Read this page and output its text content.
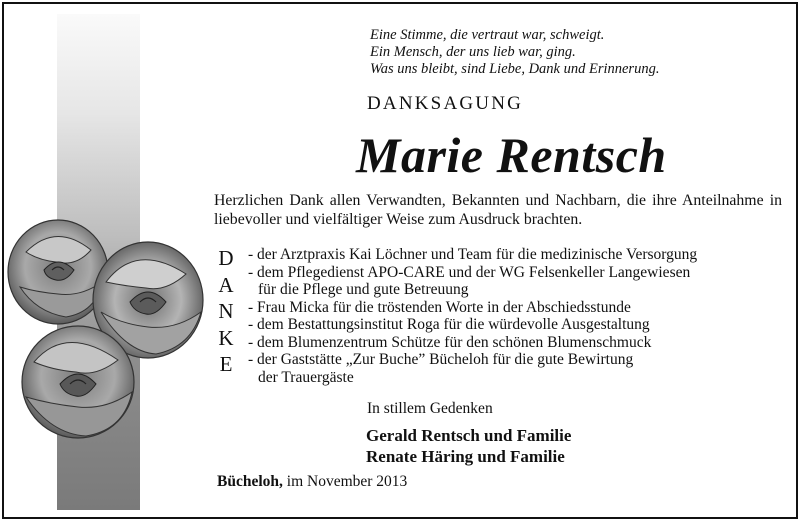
Eine Stimme, die vertraut war, schweigt.
Ein Mensch, der uns lieb war, ging.
Was uns bleibt, sind Liebe, Dank und Erinnerung.
DANKSAGUNG
Marie Rentsch
Herzlichen Dank allen Verwandten, Bekannten und Nachbarn, die ihre Anteilnahme in liebevoller und vielfältiger Weise zum Ausdruck brachten.
D
A
N
K
E
- der Arztpraxis Kai Löchner und Team für die medizinische Versorgung
- dem Pflegedienst APO-CARE und der WG Felsenkeller Langewiesen
für die Pflege und gute Betreuung
- Frau Micka für die tröstenden Worte in der Abschiedsstunde
- dem Bestattungsinstitut Roga für die würdevolle Ausgestaltung
- dem Blumenzentrum Schütze für den schönen Blumenschmuck
- der Gaststätte „Zur Buche” Bücheloh für die gute Bewirtung
der Trauergäste
In stillem Gedenken
Gerald Rentsch und Familie
Renate Häring und Familie
Bücheloh, im November 2013
